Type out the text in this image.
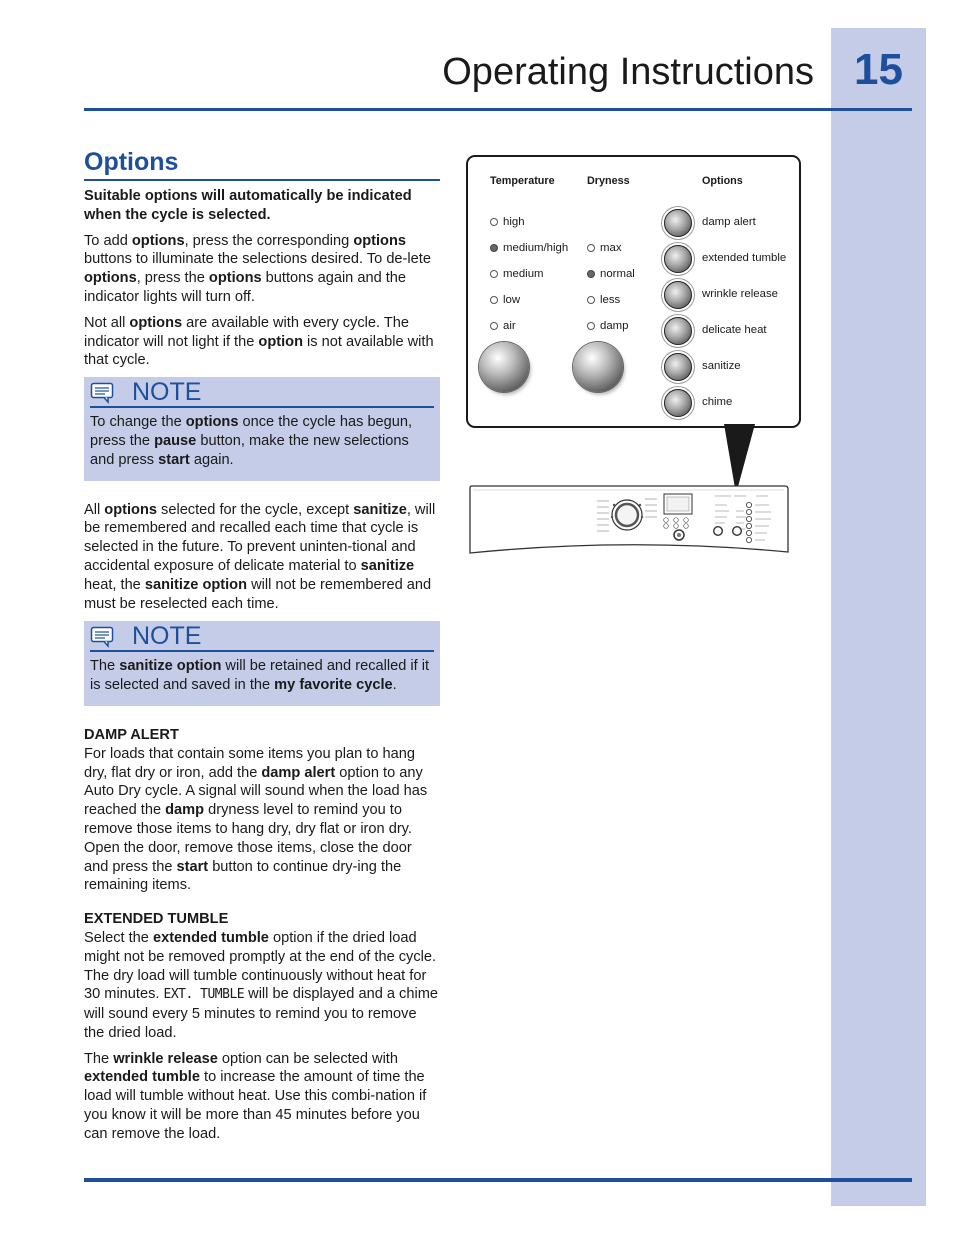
15
Operating Instructions
Options

Suitable options will automatically be indicated when the cycle is selected.

To add options, press the corresponding options buttons to illuminate the selections desired. To de-lete options, press the options buttons again and the indicator lights will turn off.

Not all options are available with every cycle. The indicator will not light if the option is not available with that cycle.

NOTE

To change the options once the cycle has begun, press the pause button, make the new selections and press start again.

All options selected for the cycle, except sanitize, will be remembered and recalled each time that cycle is selected in the future. To prevent uninten-tional and accidental exposure of delicate material to sanitize heat, the sanitize option will not be remembered and must be reselected each time.

NOTE

The sanitize option will be retained and recalled if it is selected and saved in the my favorite cycle.

DAMP ALERT

For loads that contain some items you plan to hang dry, flat dry or iron, add the damp alert option to any Auto Dry cycle. A signal will sound when the load has reached the damp dryness level to remind you to remove those items to hang dry, dry flat or iron dry. Open the door, remove those items, close the door and press the start button to continue dry-ing the remaining items.

EXTENDED TUMBLE

Select the extended tumble option if the dried load might not be removed promptly at the end of the cycle. The dry load will tumble continuously without heat for 30 minutes. EXT. TUMBLE will be displayed and a chime will sound every 5 minutes to remind you to remove the dried load.

The wrinkle release option can be selected with extended tumble to increase the amount of time the load will tumble without heat. Use this combi-nation if you know it will be more than 45 minutes before you can remove the load.

Temperature	Dryness	Options
high
medium/high
medium
low
air
max
normal
less
damp
damp alert
extended tumble
wrinkle release
delicate heat
sanitize
chime
